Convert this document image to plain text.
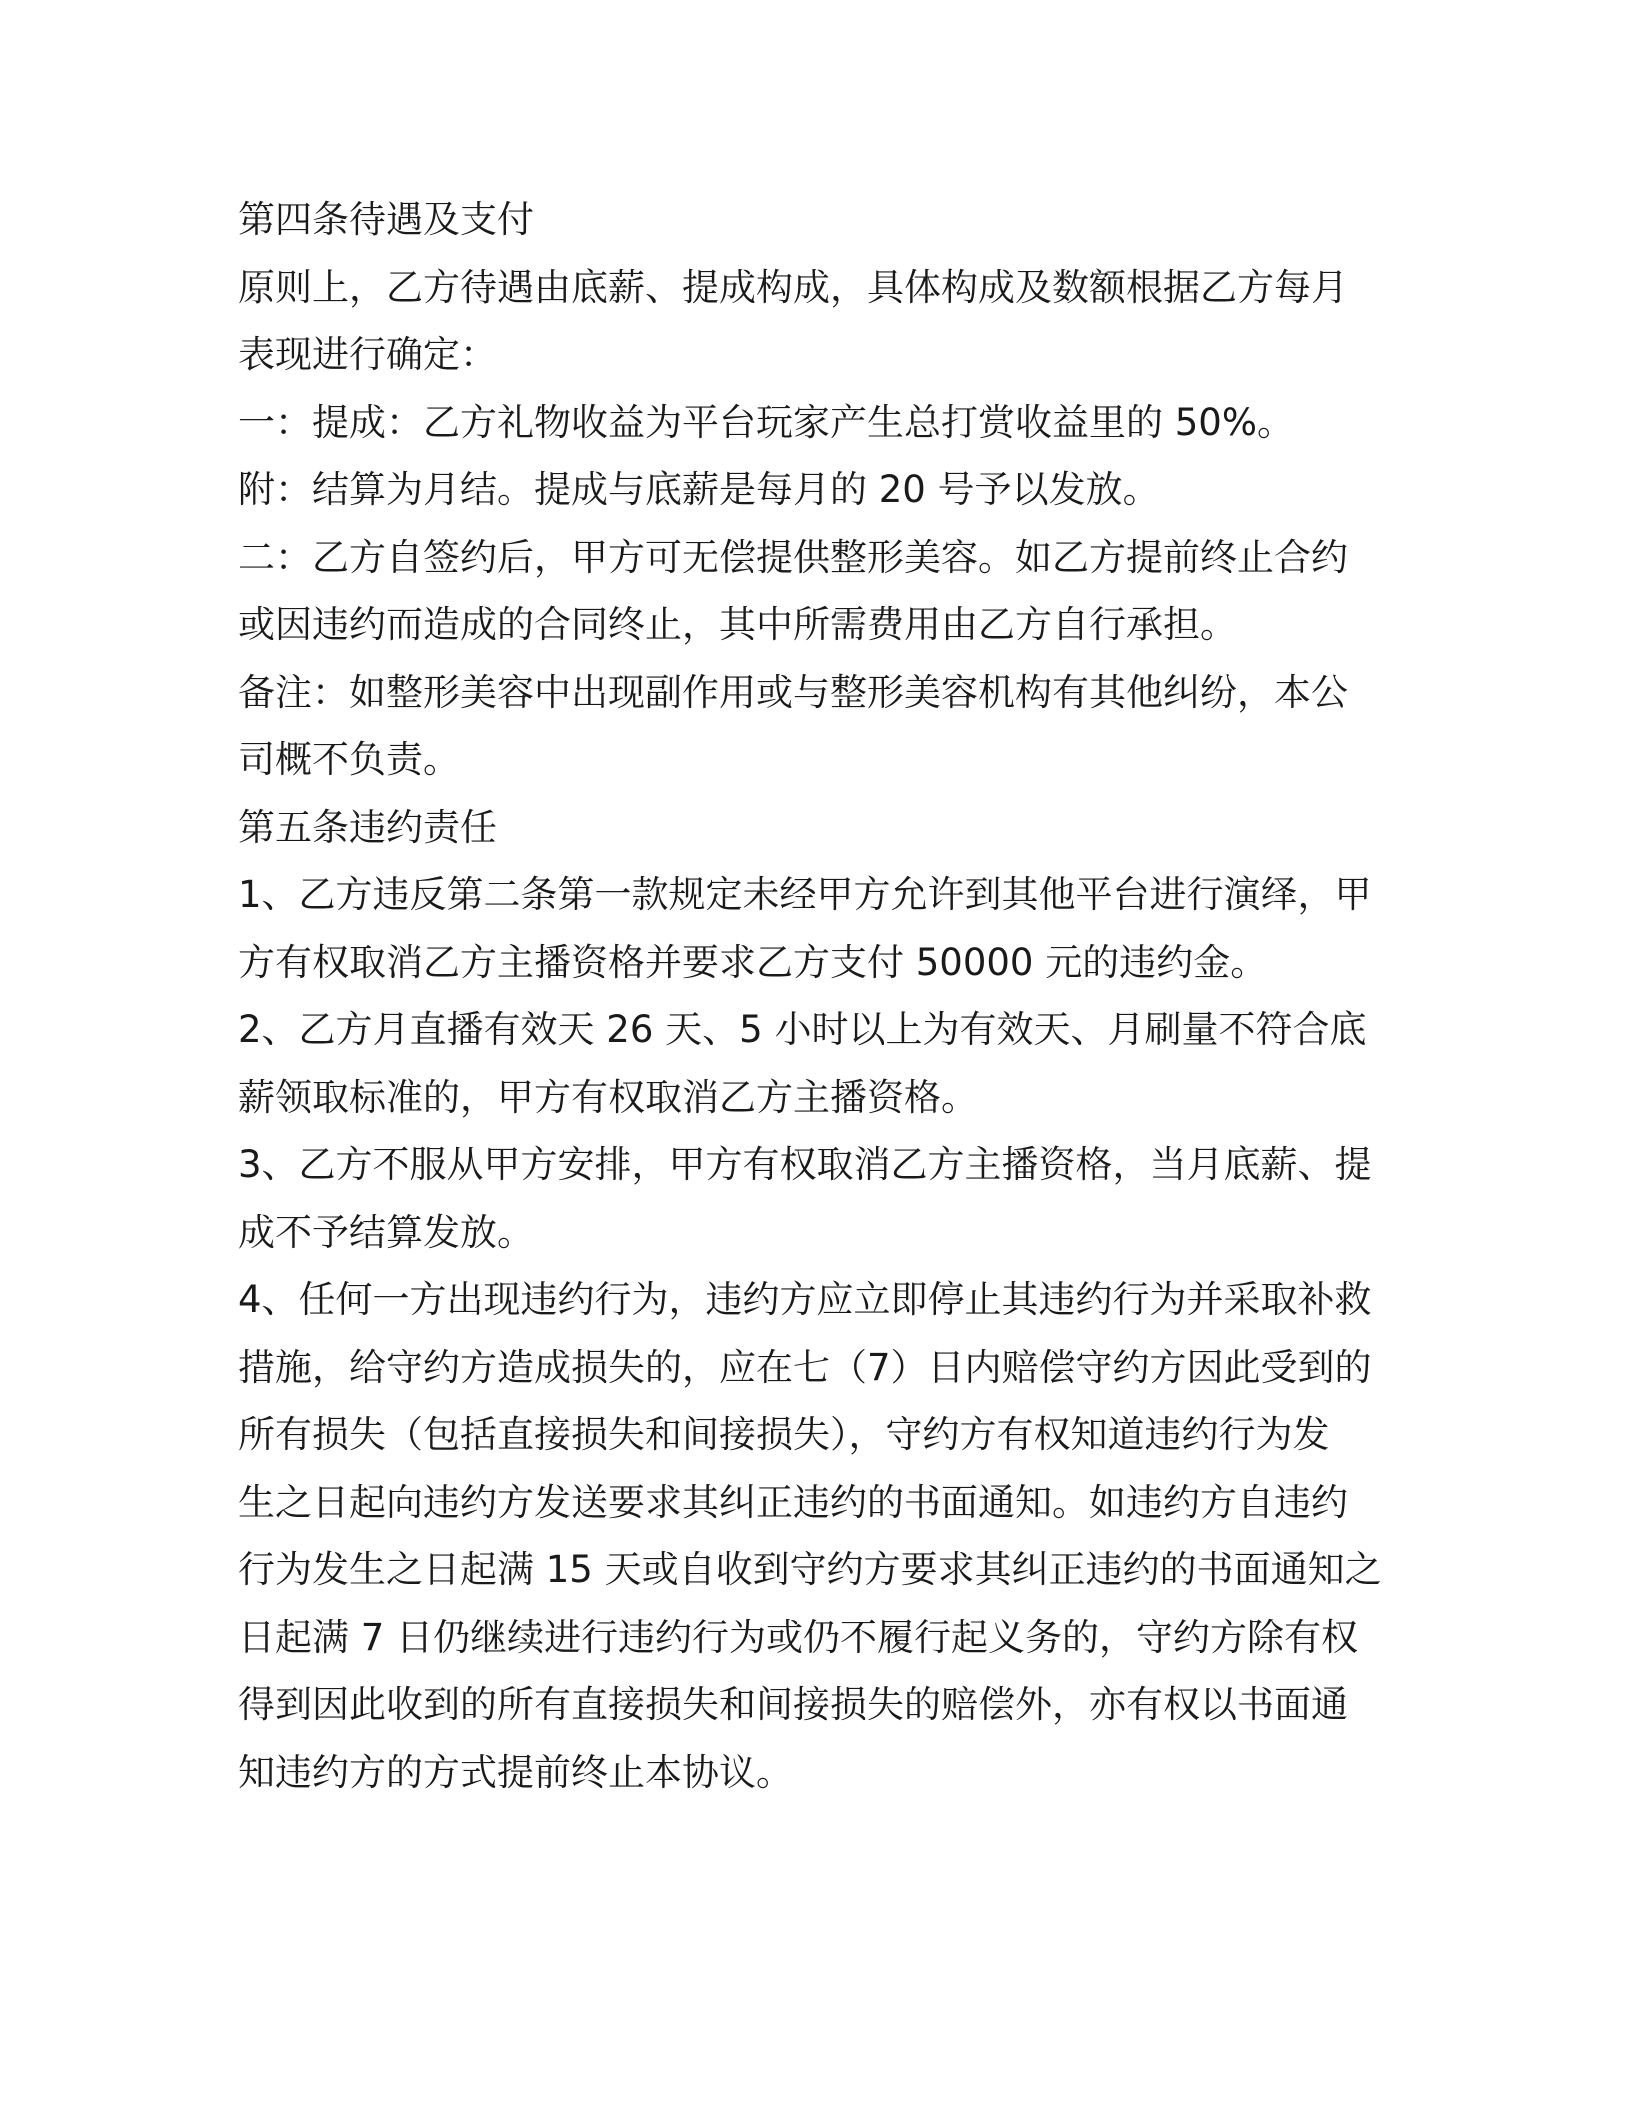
第四条待遇及支付
原则上，乙方待遇由底薪、提成构成，具体构成及数额根据乙方每月
表现进行确定：
一：提成：乙方礼物收益为平台玩家产生总打赏收益里的 50%。
附：结算为月结。提成与底薪是每月的 20 号予以发放。
二：乙方自签约后，甲方可无偿提供整形美容。如乙方提前终止合约
或因违约而造成的合同终止，其中所需费用由乙方自行承担。
备注：如整形美容中出现副作用或与整形美容机构有其他纠纷，本公
司概不负责。
第五条违约责任
1、乙方违反第二条第一款规定未经甲方允许到其他平台进行演绎，甲
方有权取消乙方主播资格并要求乙方支付 50000 元的违约金。
2、乙方月直播有效天 26 天、5 小时以上为有效天、月刷量不符合底
薪领取标准的，甲方有权取消乙方主播资格。
3、乙方不服从甲方安排，甲方有权取消乙方主播资格，当月底薪、提
成不予结算发放。
4、任何一方出现违约行为，违约方应立即停止其违约行为并采取补救
措施，给守约方造成损失的，应在七（7）日内赔偿守约方因此受到的
所有损失（包括直接损失和间接损失），守约方有权知道违约行为发
生之日起向违约方发送要求其纠正违约的书面通知。如违约方自违约
行为发生之日起满 15 天或自收到守约方要求其纠正违约的书面通知之
日起满 7 日仍继续进行违约行为或仍不履行起义务的，守约方除有权
得到因此收到的所有直接损失和间接损失的赔偿外，亦有权以书面通
知违约方的方式提前终止本协议。
